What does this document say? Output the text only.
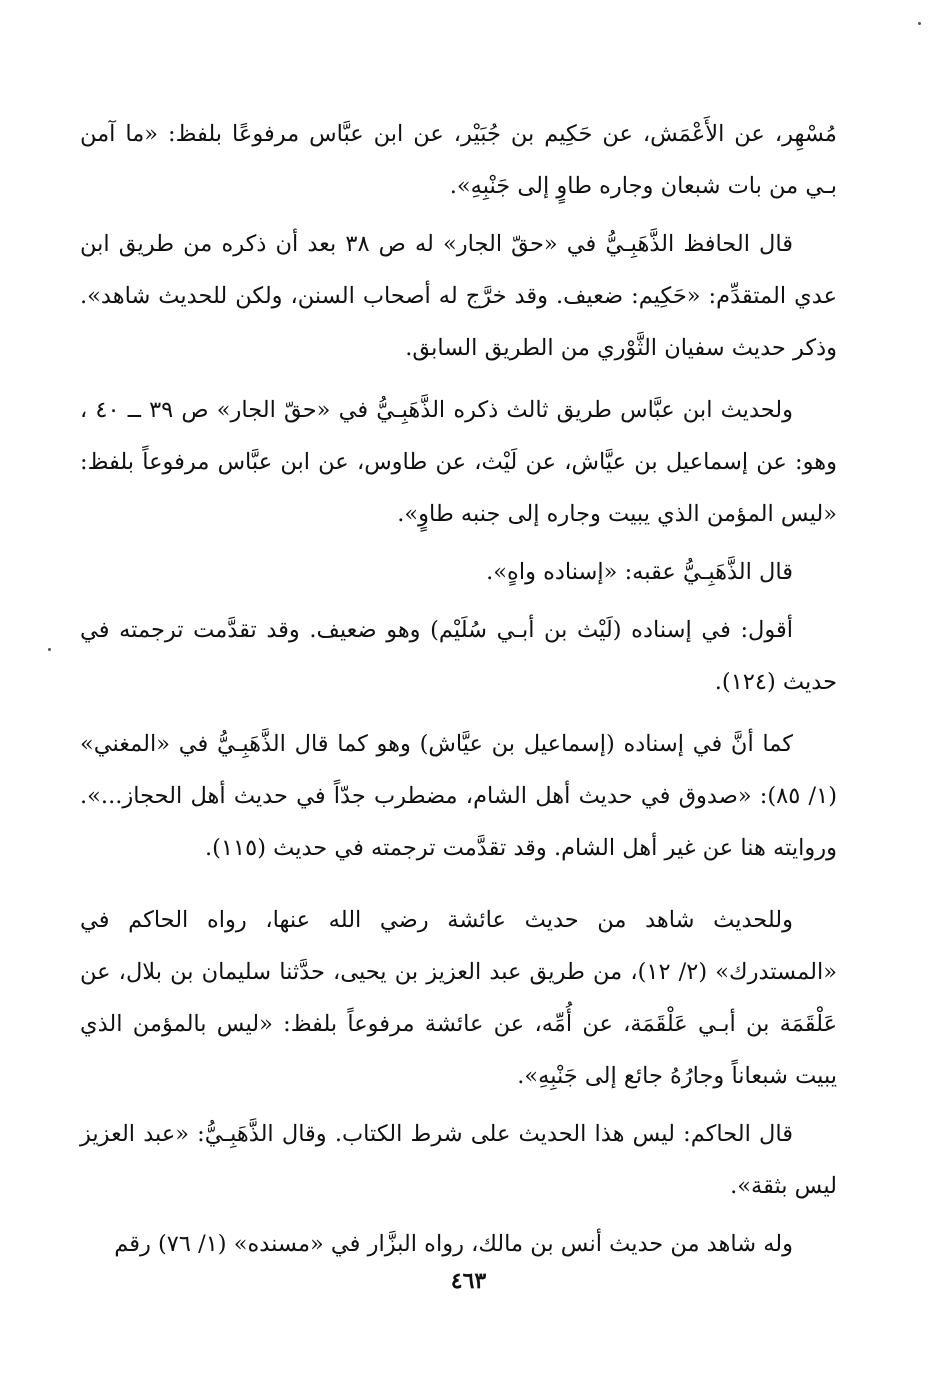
مُسْهِر، عن الأَعْمَش، عن حَكِيم بن جُبَيْر، عن ابن عبَّاس مرفوعًا بلفظ: «ما آمن بـي من بات شبعان وجاره طاوٍ إلى جَنْبِهِ».

قال الحافظ الذَّهَبِـيُّ في «حقّ الجار» له ص ٣٨ بعد أن ذكره من طريق ابن عدي المتقدِّم: «حَكِيم: ضعيف. وقد خرَّج له أصحاب السنن، ولكن للحديث شاهد». وذكر حديث سفيان الثَّوْري من الطريق السابق.

ولحديث ابن عبَّاس طريق ثالث ذكره الذَّهَبِـيُّ في «حقّ الجار» ص ٣٩ ــ ٤٠ ، وهو: عن إسماعيل بن عيَّاش، عن لَيْث، عن طاوس، عن ابن عبَّاس مرفوعاً بلفظ: «ليس المؤمن الذي يبيت وجاره إلى جنبه طاوٍ».

قال الذَّهَبِـيُّ عقبه: «إسناده واهٍ».

أقول: في إسناده (لَيْث بن أبـي سُلَيْم) وهو ضعيف. وقد تقدَّمت ترجمته في حديث (١٢٤).

كما أنَّ في إسناده (إسماعيل بن عيَّاش) وهو كما قال الذَّهَبِـيُّ في «المغني» (١/ ٨٥): «صدوق في حديث أهل الشام، مضطرب جدّاً في حديث أهل الحجاز...». وروايته هنا عن غير أهل الشام. وقد تقدَّمت ترجمته في حديث (١١٥).

وللحديث شاهد من حديث عائشة رضي الله عنها، رواه الحاكم في «المستدرك» (٢/ ١٢)، من طريق عبد العزيز بن يحيى، حدَّثنا سليمان بن بلال، عن عَلْقَمَة بن أبـي عَلْقَمَة، عن أُمِّه، عن عائشة مرفوعاً بلفظ: «ليس بالمؤمن الذي يبيت شبعاناً وجارُهُ جائع إلى جَنْبِهِ».

قال الحاكم: ليس هذا الحديث على شرط الكتاب. وقال الذَّهَبِـيُّ: «عبد العزيز ليس بثقة».

وله شاهد من حديث أنس بن مالك، رواه البزَّار في «مسنده» (١/ ٧٦) رقم

٤٦٣
